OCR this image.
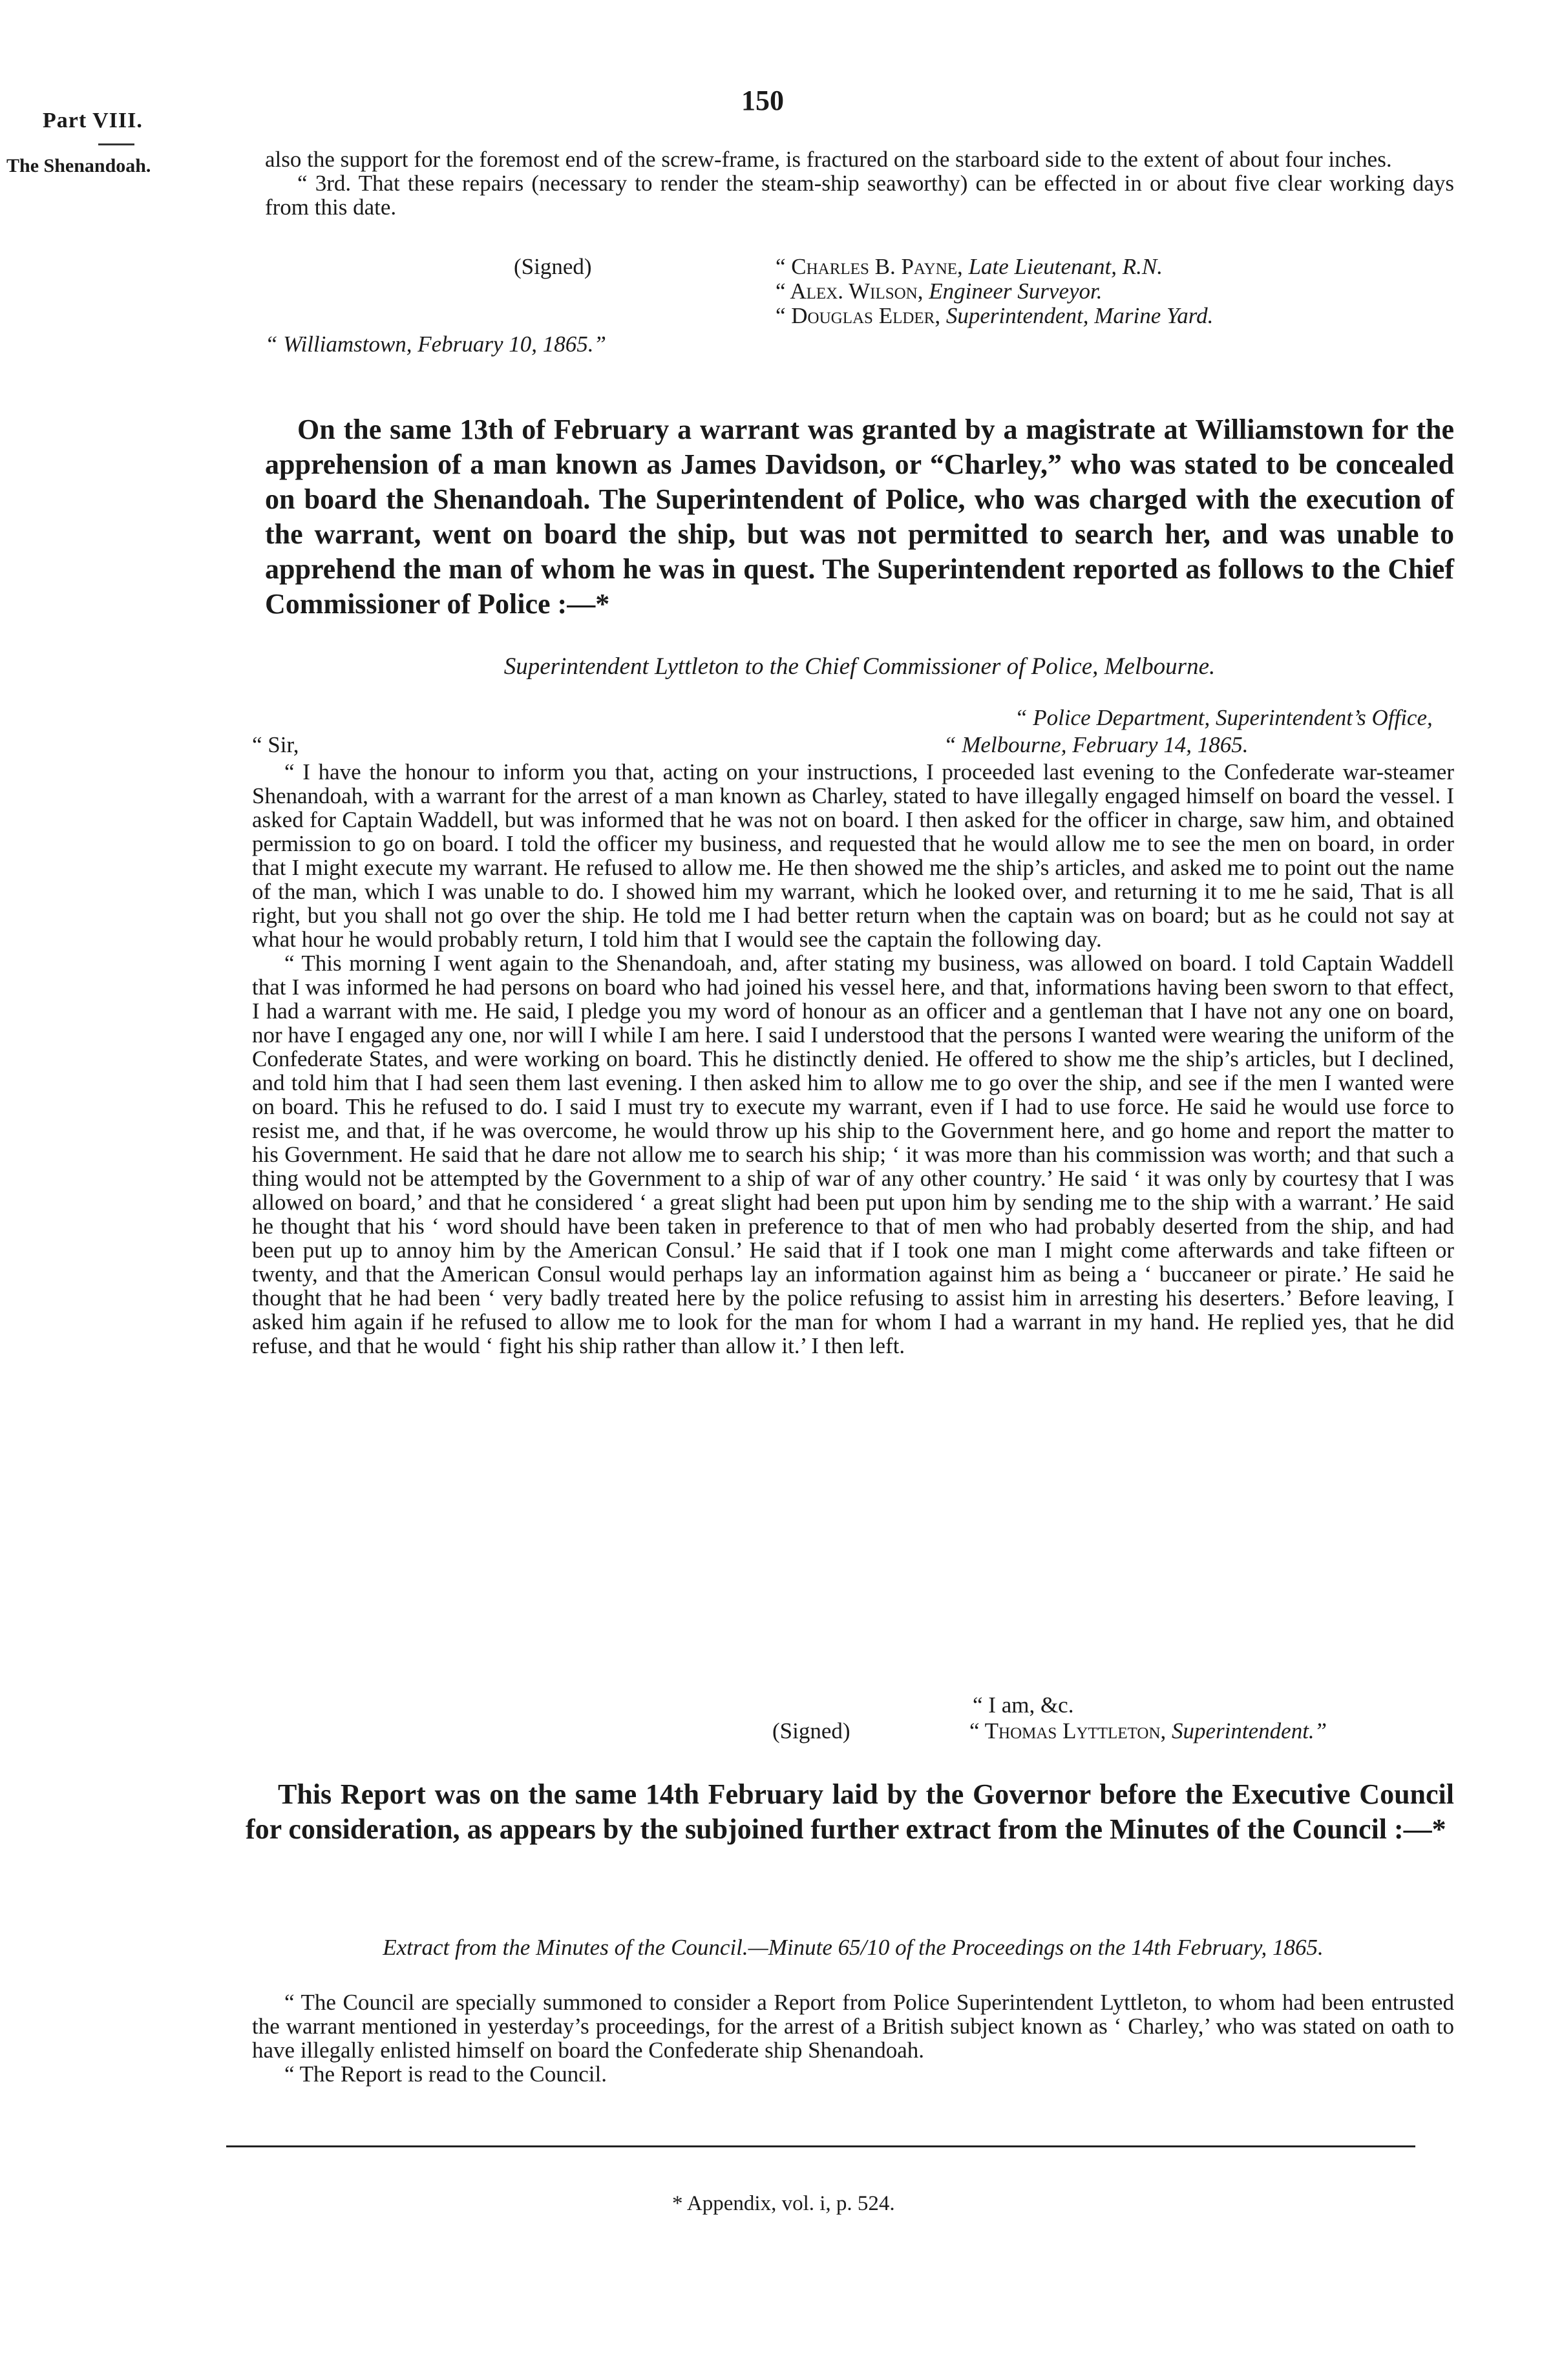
Part VIII.
The Shenandoah.
150

also the support for the foremost end of the screw-frame, is fractured on the starboard side to the extent of about four inches.

“ 3rd. That these repairs (necessary to render the steam-ship seaworthy) can be effected in or about five clear working days from this date.

(Signed)	“ Charles B. Payne, Late Lieutenant, R.N.
“ Alex. Wilson, Engineer Surveyor.
“ Douglas Elder, Superintendent, Marine Yard.
“ Williamstown, February 10, 1865.”
On the same 13th of February a warrant was granted by a magistrate at Williamstown for the apprehension of a man known as James Davidson, or “Charley,” who was stated to be concealed on board the Shenandoah. The Superintendent of Police, who was charged with the execution of the warrant, went on board the ship, but was not permitted to search her, and was unable to apprehend the man of whom he was in quest. The Superintendent reported as follows to the Chief Commissioner of Police :—*
Superintendent Lyttleton to the Chief Commissioner of Police, Melbourne.
“ Police Department, Superintendent’s Office,
“ Sir,	“ Melbourne, February 14, 1865.

“ I have the honour to inform you that, acting on your instructions, I proceeded last evening to the Confederate war-steamer Shenandoah, with a warrant for the arrest of a man known as Charley, stated to have illegally engaged himself on board the vessel. I asked for Captain Waddell, but was informed that he was not on board. I then asked for the officer in charge, saw him, and obtained permission to go on board. I told the officer my business, and requested that he would allow me to see the men on board, in order that I might execute my warrant. He refused to allow me. He then showed me the ship’s articles, and asked me to point out the name of the man, which I was unable to do. I showed him my warrant, which he looked over, and returning it to me he said, That is all right, but you shall not go over the ship. He told me I had better return when the captain was on board; but as he could not say at what hour he would probably return, I told him that I would see the captain the following day.

“ This morning I went again to the Shenandoah, and, after stating my business, was allowed on board. I told Captain Waddell that I was informed he had persons on board who had joined his vessel here, and that, informations having been sworn to that effect, I had a warrant with me. He said, I pledge you my word of honour as an officer and a gentleman that I have not any one on board, nor have I engaged any one, nor will I while I am here. I said I understood that the persons I wanted were wearing the uniform of the Confederate States, and were working on board. This he distinctly denied. He offered to show me the ship’s articles, but I declined, and told him that I had seen them last evening. I then asked him to allow me to go over the ship, and see if the men I wanted were on board. This he refused to do. I said I must try to execute my warrant, even if I had to use force. He said he would use force to resist me, and that, if he was overcome, he would throw up his ship to the Government here, and go home and report the matter to his Government. He said that he dare not allow me to search his ship; ‘ it was more than his commission was worth; and that such a thing would not be attempted by the Government to a ship of war of any other country.’ He said ‘ it was only by courtesy that I was allowed on board,’ and that he considered ‘ a great slight had been put upon him by sending me to the ship with a warrant.’ He said he thought that his ‘ word should have been taken in preference to that of men who had probably deserted from the ship, and had been put up to annoy him by the American Consul.’ He said that if I took one man I might come afterwards and take fifteen or twenty, and that the American Consul would perhaps lay an information against him as being a ‘ buccaneer or pirate.’ He said he thought that he had been ‘ very badly treated here by the police refusing to assist him in arresting his deserters.’ Before leaving, I asked him again if he refused to allow me to look for the man for whom I had a warrant in my hand. He replied yes, that he did refuse, and that he would ‘ fight his ship rather than allow it.’ I then left.

“ I am, &c.
(Signed)	“ Thomas Lyttleton, Superintendent.”
This Report was on the same 14th February laid by the Governor before the Executive Council for consideration, as appears by the subjoined further extract from the Minutes of the Council :—*
Extract from the Minutes of the Council.—Minute 65/10 of the Proceedings on the 14th February, 1865.

“ The Council are specially summoned to consider a Report from Police Superintendent Lyttleton, to whom had been entrusted the warrant mentioned in yesterday’s proceedings, for the arrest of a British subject known as ‘ Charley,’ who was stated on oath to have illegally enlisted himself on board the Confederate ship Shenandoah.

“ The Report is read to the Council.

* Appendix, vol. i, p. 524.
